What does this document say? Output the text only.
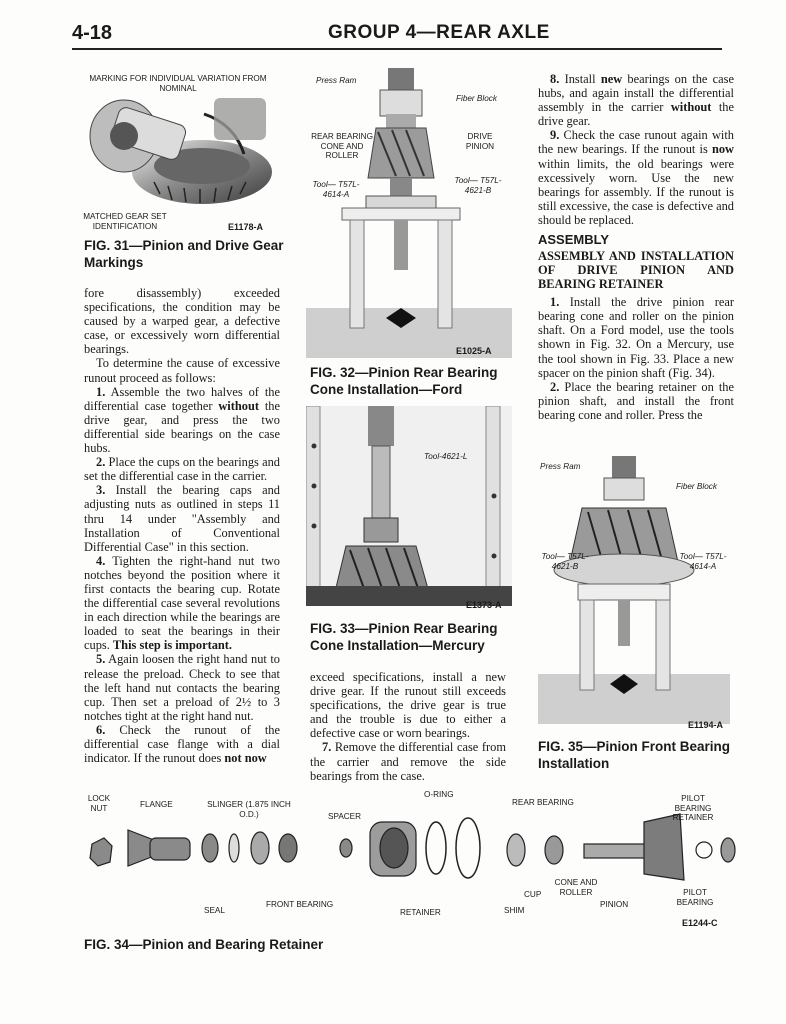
4-18	GROUP 4—REAR AXLE
MARKING FOR INDIVIDUAL VARIATION FROM NOMINAL
MATCHED GEAR SET IDENTIFICATION	E1178-A
FIG. 31—Pinion and Drive Gear Markings

fore disassembly) exceeded specifications, the condition may be caused by a warped gear, a defective case, or excessively worn differential bearings.

To determine the cause of excessive runout proceed as follows:

1. Assemble the two halves of the differential case together without the drive gear, and press the two differential side bearings on the case hubs.

2. Place the cups on the bearings and set the differential case in the carrier.

3. Install the bearing caps and adjusting nuts as outlined in steps 11 thru 14 under "Assembly and Installation of Conventional Differential Case" in this section.

4. Tighten the right-hand nut two notches beyond the position where it first contacts the bearing cup. Rotate the differential case several revolutions in each direction while the bearings are loaded to seat the bearings in their cups. This step is important.

5. Again loosen the right hand nut to release the preload. Check to see that the left hand nut contacts the bearing cup. Then set a preload of 2½ to 3 notches tight at the right hand nut.

6. Check the runout of the differential case flange with a dial indicator. If the runout does not now

Press Ram
Fiber Block
REAR BEARING CONE AND ROLLER
DRIVE PINION
Tool— T57L-4614-A
Tool— T57L-4621-B
E1025-A
FIG. 32—Pinion Rear Bearing Cone Installation—Ford
Tool-4621-L
E1373-A
FIG. 33—Pinion Rear Bearing Cone Installation—Mercury

exceed specifications, install a new drive gear. If the runout still exceeds specifications, the drive gear is true and the trouble is due to either a defective case or worn bearings.

7. Remove the differential case from the carrier and remove the side bearings from the case.

8. Install new bearings on the case hubs, and again install the differential assembly in the carrier without the drive gear.

9. Check the case runout again with the new bearings. If the runout is now within limits, the old bearings were excessively worn. Use the new bearings for assembly. If the runout is still excessive, the case is defective and should be replaced.

ASSEMBLY
ASSEMBLY AND INSTALLATION OF DRIVE PINION AND BEARING RETAINER

1. Install the drive pinion rear bearing cone and roller on the pinion shaft. On a Ford model, use the tools shown in Fig. 32. On a Mercury, use the tool shown in Fig. 33. Place a new spacer on the pinion shaft (Fig. 34).

2. Place the bearing retainer on the pinion shaft, and install the front bearing cone and roller. Press the

Press Ram
Fiber Block
Tool— T57L-4621-B
Tool— T57L-4614-A
E1194-A
FIG. 35—Pinion Front Bearing Installation
LOCK NUT	FLANGE	SLINGER (1.875 INCH O.D.)	SPACER
O-RING
REAR BEARING	PILOT BEARING RETAINER
SEAL
FRONT BEARING
RETAINER	SHIM
CUP
CONE AND ROLLER
PINION
PILOT BEARING
E1244-C
FIG. 34—Pinion and Bearing Retainer
